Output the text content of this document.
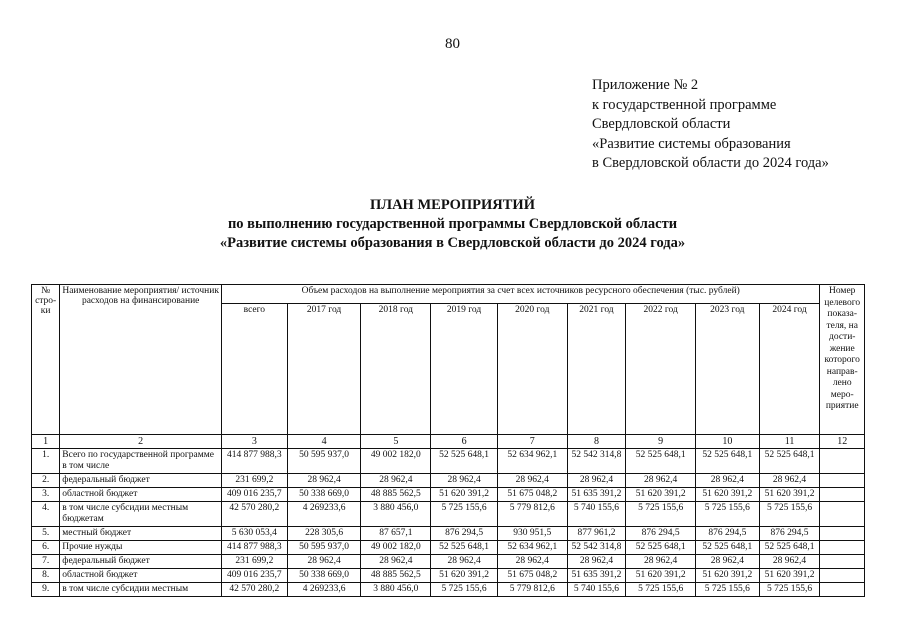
80
Приложение № 2
к государственной программе
Свердловской области
«Развитие системы образования
в Свердловской области до 2024 года»
ПЛАН МЕРОПРИЯТИЙ
по выполнению государственной программы Свердловской области
«Развитие системы образования в Свердловской области до 2024 года»
№ стро-ки	Наименование мероприятия/ источник расходов на финансирование	Объем расходов на выполнение мероприятия за счет всех источников ресурсного обеспечения (тыс. рублей)									Номер целевого показа-теля, на дости-жение которого направ-лено меро-приятие
		всего	2017 год	2018 год	2019 год	2020 год	2021 год	2022 год	2023 год	2024 год	
1	2	3	4	5	6	7	8	9	10	11	12
1.	Всего по государственной программе в том числе	414 877 988,3	50 595 937,0	49 002 182,0	52 525 648,1	52 634 962,1	52 542 314,8	52 525 648,1	52 525 648,1	52 525 648,1	
2.	федеральный бюджет	231 699,2	28 962,4	28 962,4	28 962,4	28 962,4	28 962,4	28 962,4	28 962,4	28 962,4	
3.	областной бюджет	409 016 235,7	50 338 669,0	48 885 562,5	51 620 391,2	51 675 048,2	51 635 391,2	51 620 391,2	51 620 391,2	51 620 391,2	
4.	в том числе субсидии местным бюджетам	42 570 280,2	4 269233,6	3 880 456,0	5 725 155,6	5 779 812,6	5 740 155,6	5 725 155,6	5 725 155,6	5 725 155,6	
5.	местный бюджет	5 630 053,4	228 305,6	87 657,1	876 294,5	930 951,5	877 961,2	876 294,5	876 294,5	876 294,5	
6.	Прочие нужды	414 877 988,3	50 595 937,0	49 002 182,0	52 525 648,1	52 634 962,1	52 542 314,8	52 525 648,1	52 525 648,1	52 525 648,1	
7.	федеральный бюджет	231 699,2	28 962,4	28 962,4	28 962,4	28 962,4	28 962,4	28 962,4	28 962,4	28 962,4	
8.	областной бюджет	409 016 235,7	50 338 669,0	48 885 562,5	51 620 391,2	51 675 048,2	51 635 391,2	51 620 391,2	51 620 391,2	51 620 391,2	
9.	в том числе субсидии местным	42 570 280,2	4 269233,6	3 880 456,0	5 725 155,6	5 779 812,6	5 740 155,6	5 725 155,6	5 725 155,6	5 725 155,6	
